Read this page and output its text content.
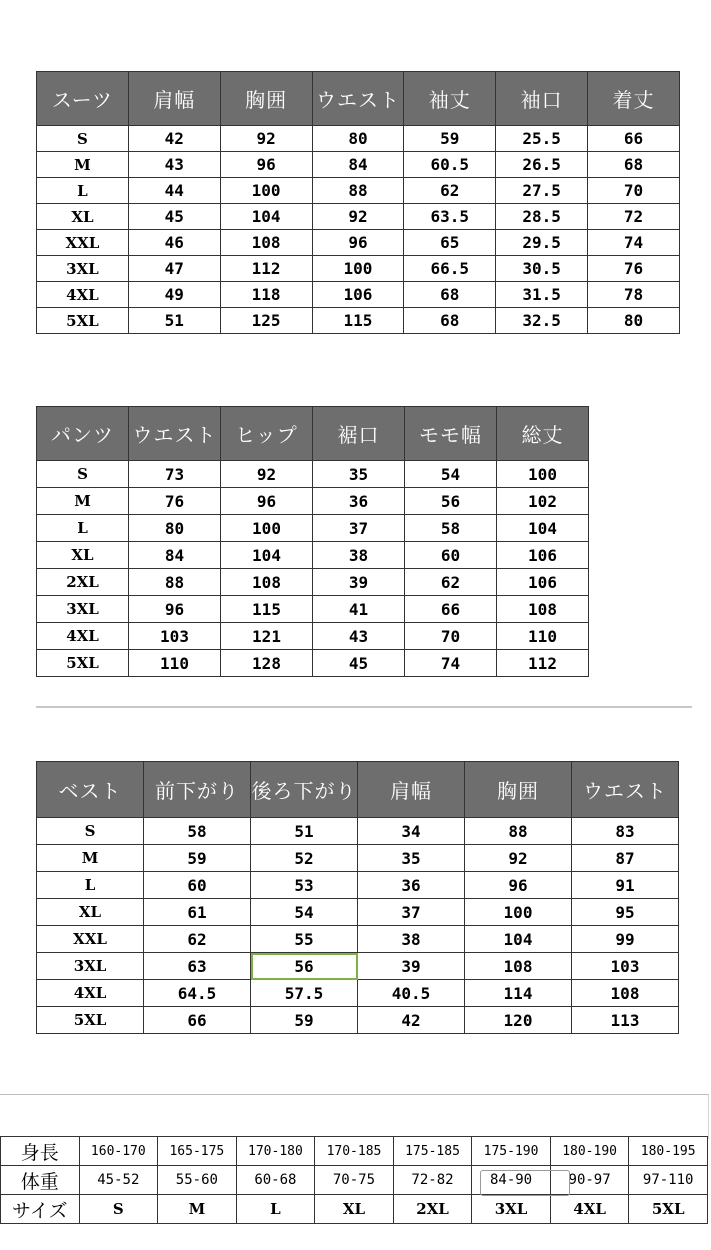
スーツ	肩幅	胸囲	ウエスト	袖丈	袖口	着丈
S	42	92	80	59	25.5	66
M	43	96	84	60.5	26.5	68
L	44	100	88	62	27.5	70
XL	45	104	92	63.5	28.5	72
XXL	46	108	96	65	29.5	74
3XL	47	112	100	66.5	30.5	76
4XL	49	118	106	68	31.5	78
5XL	51	125	115	68	32.5	80
パンツ	ウエスト	ヒップ	裾口	モモ幅	総丈
S	73	92	35	54	100
M	76	96	36	56	102
L	80	100	37	58	104
XL	84	104	38	60	106
2XL	88	108	39	62	106
3XL	96	115	41	66	108
4XL	103	121	43	70	110
5XL	110	128	45	74	112
ベスト	前下がり	後ろ下がり	肩幅	胸囲	ウエスト
S	58	51	34	88	83
M	59	52	35	92	87
L	60	53	36	96	91
XL	61	54	37	100	95
XXL	62	55	38	104	99
3XL	63	56	39	108	103
4XL	64.5	57.5	40.5	114	108
5XL	66	59	42	120	113
身長	160-170	165-175	170-180	170-185	175-185	175-190	180-190	180-195
体重	45-52	55-60	60-68	70-75	72-82	84-90	90-97	97-110
サイズ	S	M	L	XL	2XL	3XL	4XL	5XL
